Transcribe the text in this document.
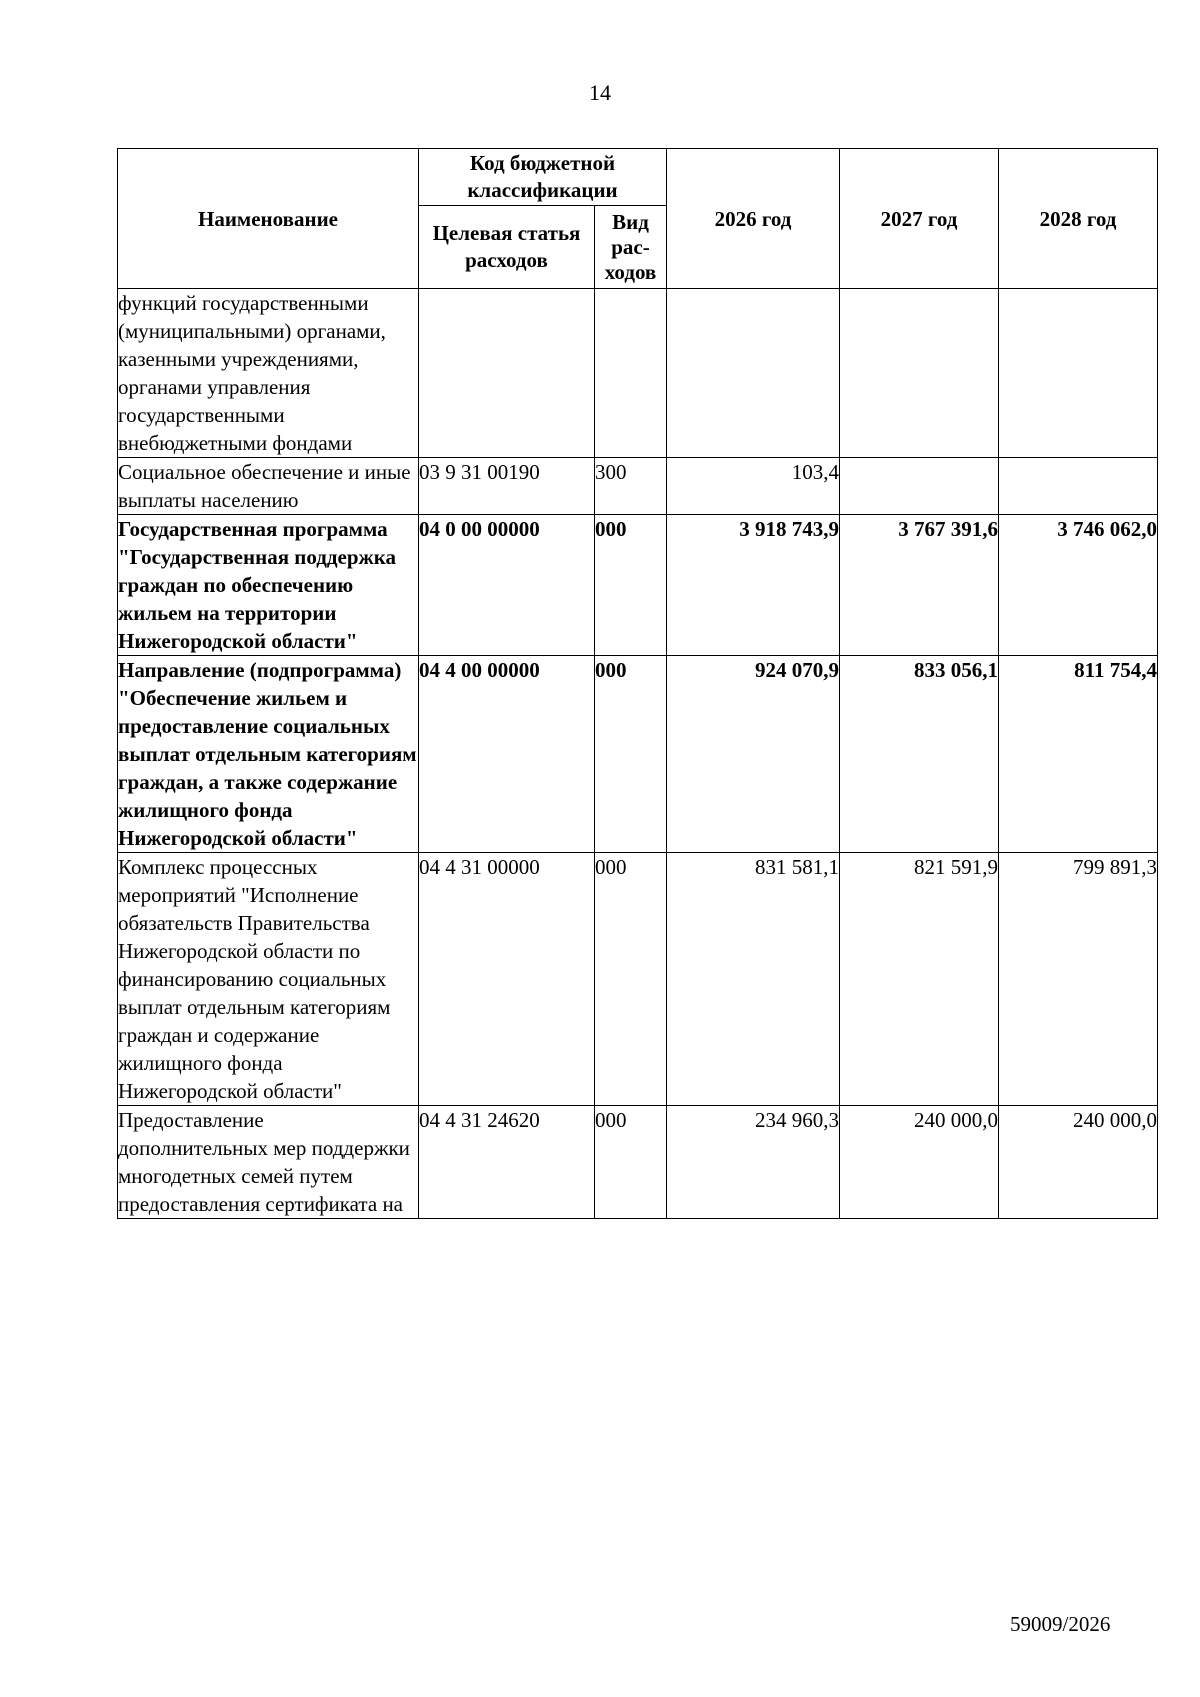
14
Наименование	Код бюджетной классификации		2026 год	2027 год	2028 год
	Целевая статья расходов	Вид рас-ходов			
функций государственными (муниципальными) органами, казенными учреждениями, органами управления государственными внебюджетными фондами					
Социальное обеспечение и иные выплаты населению	03 9 31 00190	300	103,4		
Государственная программа "Государственная поддержка граждан по обеспечению жильем на территории Нижегородской области"	04 0 00 00000	000	3 918 743,9	3 767 391,6	3 746 062,0
Направление (подпрограмма) "Обеспечение жильем и предоставление социальных выплат отдельным категориям граждан, а также содержание жилищного фонда Нижегородской области"	04 4 00 00000	000	924 070,9	833 056,1	811 754,4
Комплекс процессных мероприятий "Исполнение обязательств Правительства Нижегородской области по финансированию социальных выплат отдельным категориям граждан и содержание жилищного фонда Нижегородской области"	04 4 31 00000	000	831 581,1	821 591,9	799 891,3
Предоставление дополнительных мер поддержки многодетных семей путем предоставления сертификата на	04 4 31 24620	000	234 960,3	240 000,0	240 000,0
59009/2026
